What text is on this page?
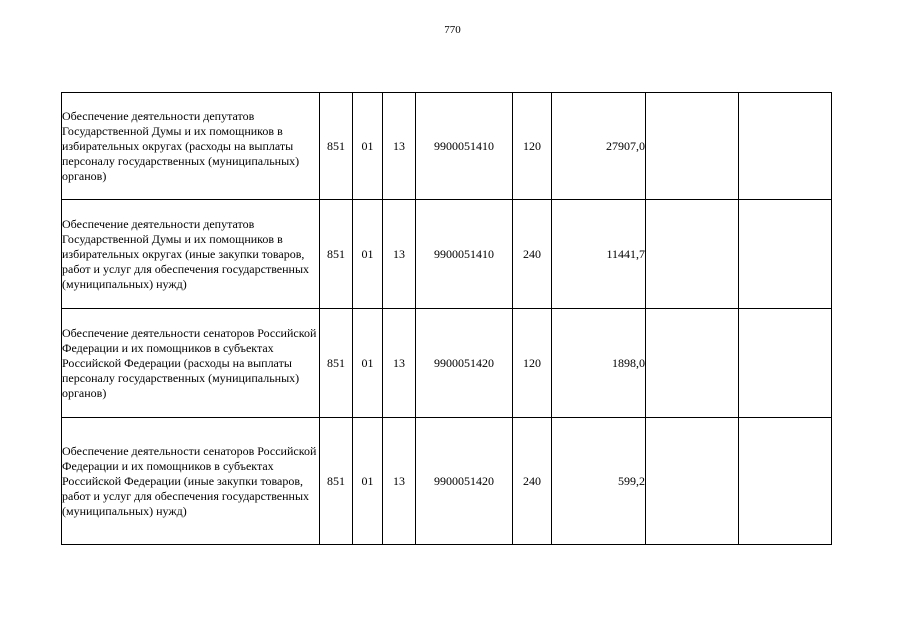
770
Обеспечение деятельности депутатов Государственной Думы и их помощников в избирательных округах (расходы на выплаты персоналу государственных (муниципальных) органов)	851	01	13	9900051410	120	27907,0		
Обеспечение деятельности депутатов Государственной Думы и их помощников в избирательных округах (иные закупки товаров, работ и услуг для обеспечения государственных (муниципальных) нужд)	851	01	13	9900051410	240	11441,7		
Обеспечение деятельности сенаторов Российской Федерации и их помощников в субъектах Российской Федерации (расходы на выплаты персоналу государственных (муниципальных) органов)	851	01	13	9900051420	120	1898,0		
Обеспечение деятельности сенаторов Российской Федерации и их помощников в субъектах Российской Федерации (иные закупки товаров, работ и услуг для обеспечения государственных (муниципальных) нужд)	851	01	13	9900051420	240	599,2		
